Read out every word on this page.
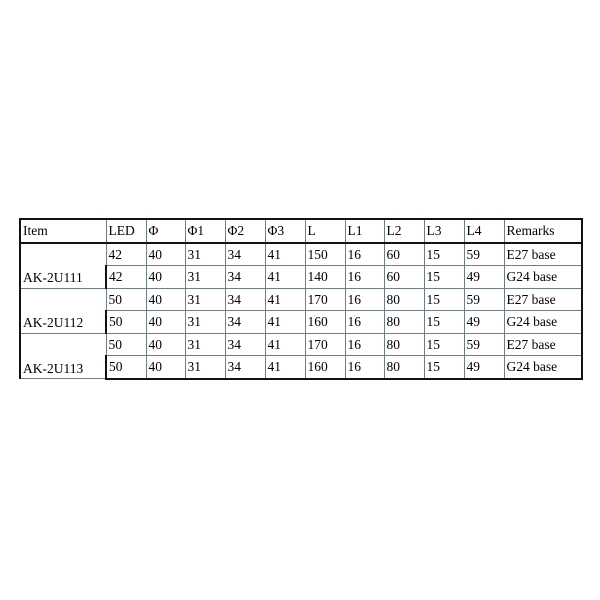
Item	LED	Φ	Φ1	Φ2	Φ3	L	L1	L2	L3	L4	Remarks
AK-2U111	42	40	31	34	41	150	16	60	15	59	E27 base
	42	40	31	34	41	140	16	60	15	49	G24 base
AK-2U112	50	40	31	34	41	170	16	80	15	59	E27 base
	50	40	31	34	41	160	16	80	15	49	G24 base
AK-2U113	50	40	31	34	41	170	16	80	15	59	E27 base
	50	40	31	34	41	160	16	80	15	49	G24 base
